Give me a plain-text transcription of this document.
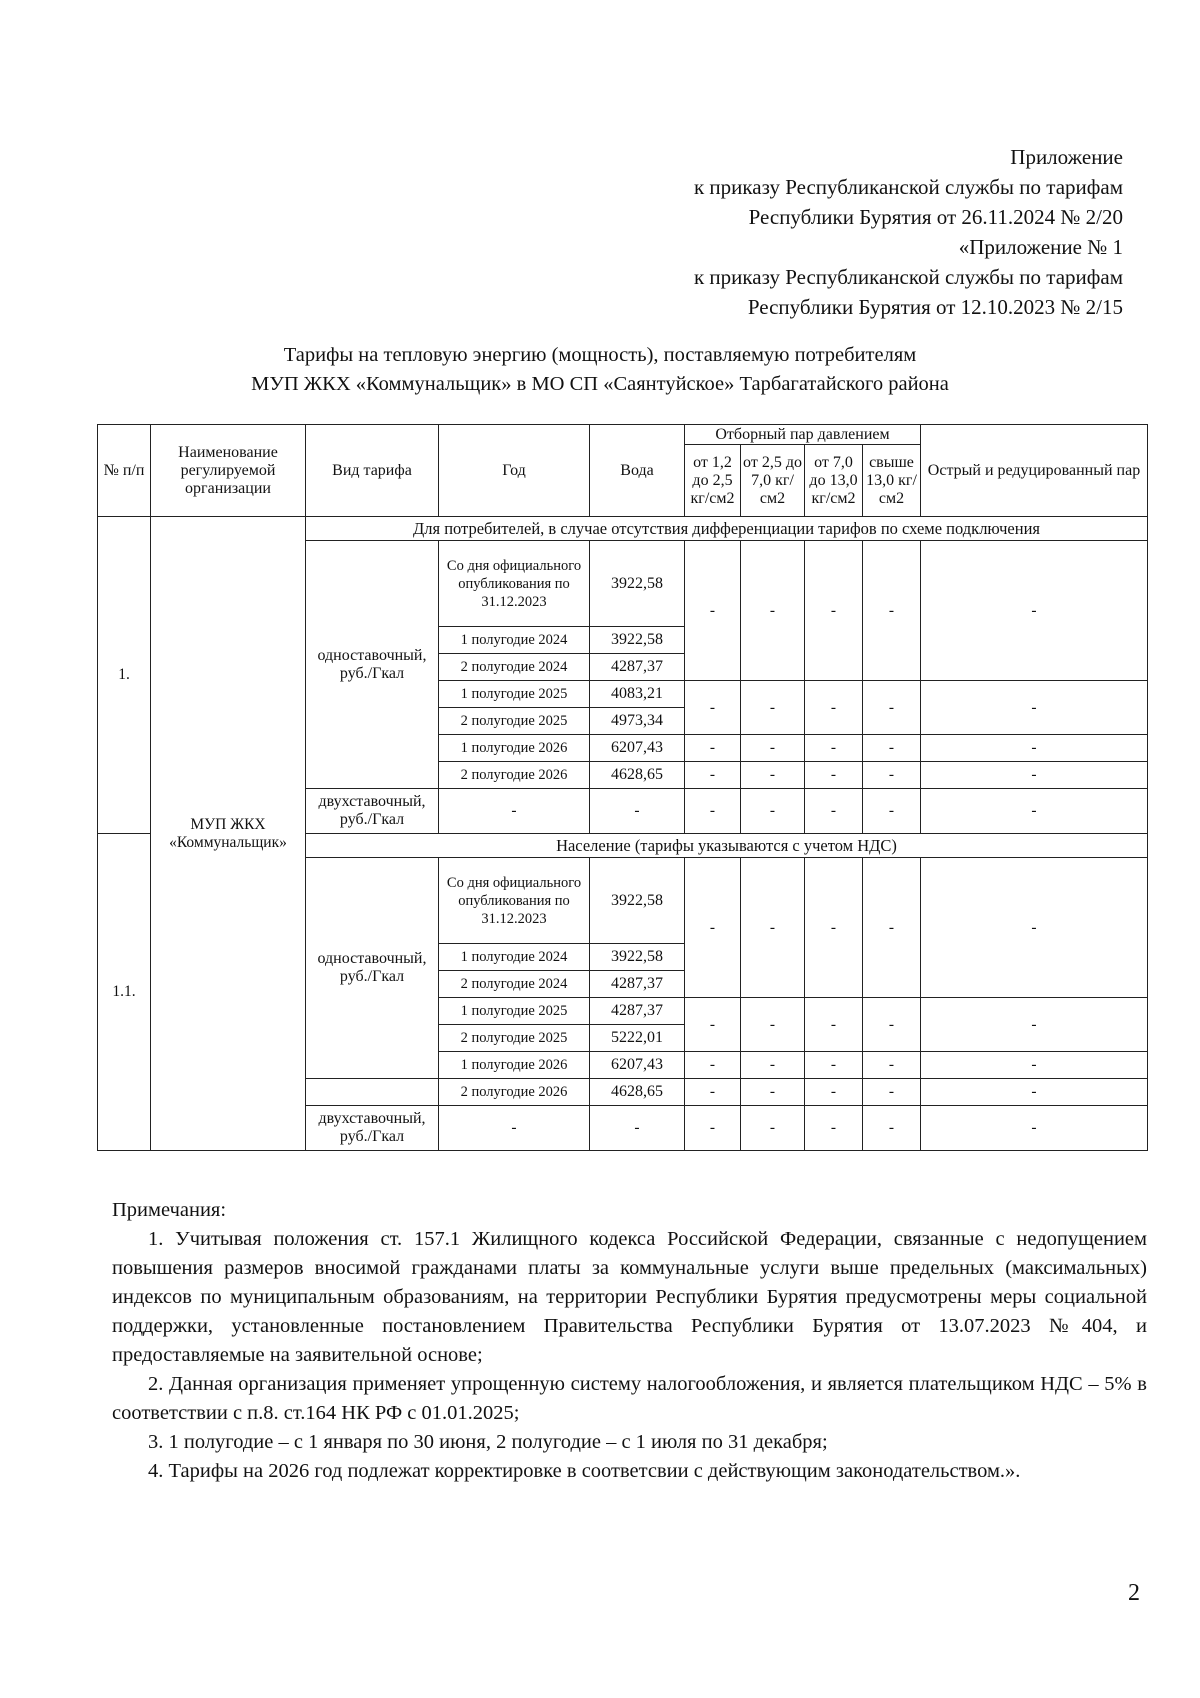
Приложение
к приказу Республиканской службы по тарифам
Республики Бурятия от 26.11.2024 № 2/20
«Приложение № 1
к приказу Республиканской службы по тарифам
Республики Бурятия от 12.10.2023 № 2/15
Тарифы на тепловую энергию (мощность), поставляемую потребителям
МУП ЖКХ «Коммунальщик» в МО СП «Саянтуйское» Тарбагатайского района
№ п/п	Наименование регулируемой организации	Вид тарифа	Год	Вода	Отборный пар давлением				Острый и редуцированный пар
					от 1,2 до 2,5 кг/см2	от 2,5 до 7,0 кг/см2	от 7,0 до 13,0 кг/см2	свыше 13,0 кг/см2	
1.	МУП ЖКХ «Коммунальщик»	Для потребителей, в случае отсутствия дифференциации тарифов по схеме подключения							
		одноставочный, руб./Гкал	Со дня официального опубликования по 31.12.2023	3922,58	-	-	-	-	-
			1 полугодие 2024	3922,58					
			2 полугодие 2024	4287,37					
			1 полугодие 2025	4083,21	-	-	-	-	-
			2 полугодие 2025	4973,34					
			1 полугодие 2026	6207,43	-	-	-	-	-
			2 полугодие 2026	4628,65	-	-	-	-	-
		двухставочный, руб./Гкал	-	-	-	-	-	-	-
1.1.		Население (тарифы указываются с учетом НДС)							
		одноставочный, руб./Гкал	Со дня официального опубликования по 31.12.2023	3922,58	-	-	-	-	-
			1 полугодие 2024	3922,58					
			2 полугодие 2024	4287,37					
			1 полугодие 2025	4287,37	-	-	-	-	-
			2 полугодие 2025	5222,01					
			1 полугодие 2026	6207,43	-	-	-	-	-
			2 полугодие 2026	4628,65	-	-	-	-	-
		двухставочный, руб./Гкал	-	-	-	-	-	-	-

Примечания:

1. Учитывая положения ст. 157.1 Жилищного кодекса Российской Федерации, связанные с недопущением повышения размеров вносимой гражданами платы за коммунальные услуги выше предельных (максимальных) индексов по муниципальным образованиям, на территории Республики Бурятия предусмотрены меры социальной поддержки, установленные постановлением Правительства Республики Бурятия от 13.07.2023 №404, и предоставляемые на заявительной основе;

2. Данная организация применяет упрощенную систему налогообложения, и является плательщиком НДС – 5% в соответствии с п.8. ст.164 НК РФ с 01.01.2025;

3. 1 полугодие – с 1 января по 30 июня, 2 полугодие – с 1 июля по 31 декабря;

4. Тарифы на 2026 год подлежат корректировке в соответсвии с действующим законодательством.».

2
